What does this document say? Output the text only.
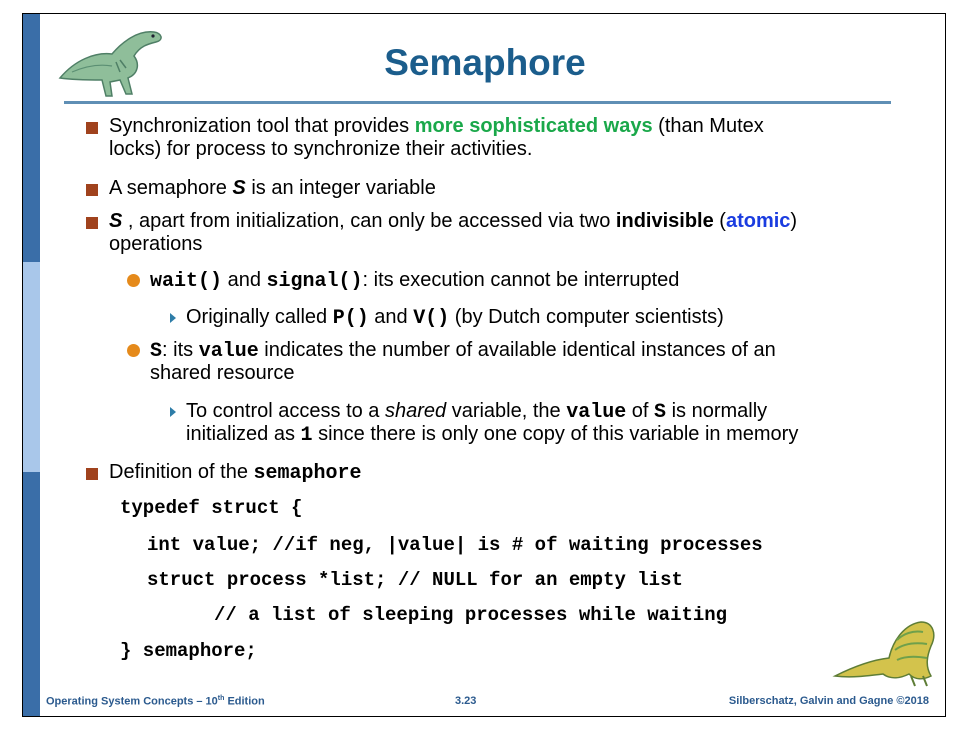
Semaphore
Synchronization tool that provides more sophisticated ways (than Mutex
locks) for process to synchronize their activities.
A semaphore S is an integer variable
S , apart from initialization, can only be accessed via two indivisible (atomic)
operations
wait() and signal(): its execution cannot be interrupted
Originally called P() and V() (by Dutch computer scientists)
S: its value indicates the number of available identical instances of an
shared resource
To control access to a shared variable, the value of S is normally
initialized as 1 since there is only one copy of this variable in memory
Definition of the semaphore
typedef struct {
int value; //if neg, |value| is # of waiting processes
struct process *list; // NULL for an empty list
// a list of sleeping processes while waiting
} semaphore;
Operating System Concepts – 10th Edition	3.23	Silberschatz, Galvin and Gagne ©2018
